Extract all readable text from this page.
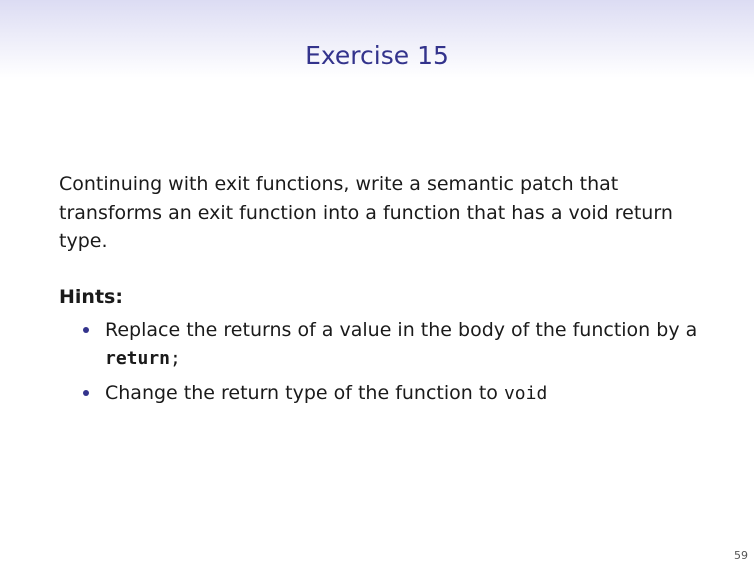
Exercise 15
Continuing with exit functions, write a semantic patch that transforms an exit function into a function that has a void return type.
Hints:
Replace the returns of a value in the body of the function by a return;
Change the return type of the function to void
59
